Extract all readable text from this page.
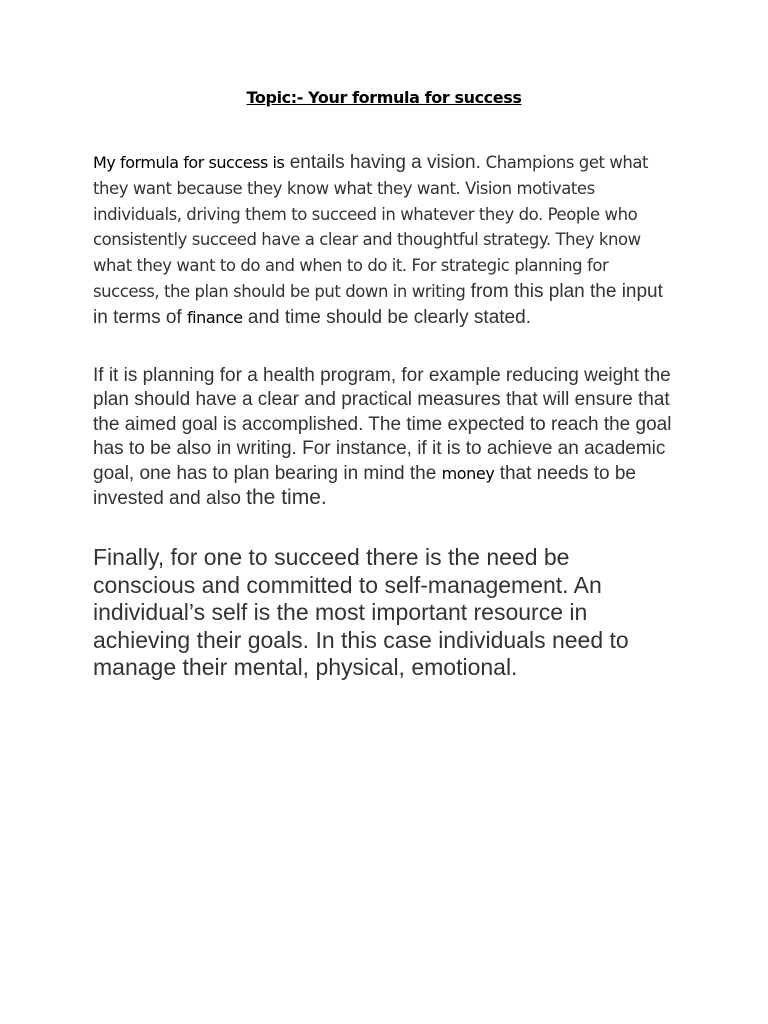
Topic:- Your formula for success

My formula for success is entails having a vision. Champions get what they want because they know what they want. Vision motivates individuals, driving them to succeed in whatever they do. People who consistently succeed have a clear and thoughtful strategy. They know what they want to do and when to do it. For strategic planning for success, the plan should be put down in writing from this plan the input in terms of finance and time should be clearly stated.

If it is planning for a health program, for example reducing weight the plan should have a clear and practical measures that will ensure that the aimed goal is accomplished. The time expected to reach the goal has to be also in writing. For instance, if it is to achieve an academic goal, one has to plan bearing in mind the money that needs to be invested and also the time.

Finally, for one to succeed there is the need be conscious and committed to self-management. An individual’s self is the most important resource in achieving their goals. In this case individuals need to manage their mental, physical, emotional.
